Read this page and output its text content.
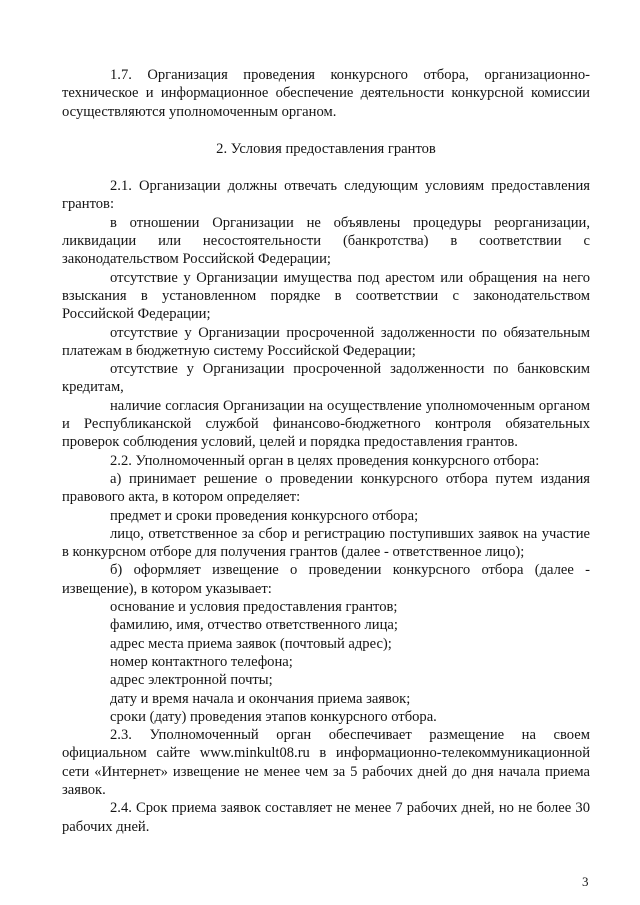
1.7. Организация проведения конкурсного отбора, организационно-техническое и информационное обеспечение деятельности конкурсной комиссии осуществляются уполномоченным органом.

2. Условия предоставления грантов

2.1. Организации должны отвечать следующим условиям предоставления грантов:

в отношении Организации не объявлены процедуры реорганизации, ликвидации или несостоятельности (банкротства) в соответствии с законодательством Российской Федерации;

отсутствие у Организации имущества под арестом или обращения на него взыскания в установленном порядке в соответствии с законодательством Российской Федерации;

отсутствие у Организации просроченной задолженности по обязательным платежам в бюджетную систему Российской Федерации;

отсутствие у Организации просроченной задолженности по банковским кредитам,

наличие согласия Организации на осуществление уполномоченным органом и Республиканской службой финансово-бюджетного контроля обязательных проверок соблюдения условий, целей и порядка предоставления грантов.

2.2. Уполномоченный орган в целях проведения конкурсного отбора:

а) принимает решение о проведении конкурсного отбора путем издания правового акта, в котором определяет:

предмет и сроки проведения конкурсного отбора;

лицо, ответственное за сбор и регистрацию поступивших заявок на участие в конкурсном отборе для получения грантов (далее - ответственное лицо);

б) оформляет извещение о проведении конкурсного отбора (далее - извещение), в котором указывает:

основание и условия предоставления грантов;

фамилию, имя, отчество ответственного лица;

адрес места приема заявок (почтовый адрес);

номер контактного телефона;

адрес электронной почты;

дату и время начала и окончания приема заявок;

сроки (дату) проведения этапов конкурсного отбора.

2.3. Уполномоченный орган обеспечивает размещение на своем официальном сайте www.minkult08.ru в информационно-телекоммуникационной сети «Интернет» извещение не менее чем за 5 рабочих дней до дня начала приема заявок.

2.4. Срок приема заявок составляет не менее 7 рабочих дней, но не более 30 рабочих дней.

3
